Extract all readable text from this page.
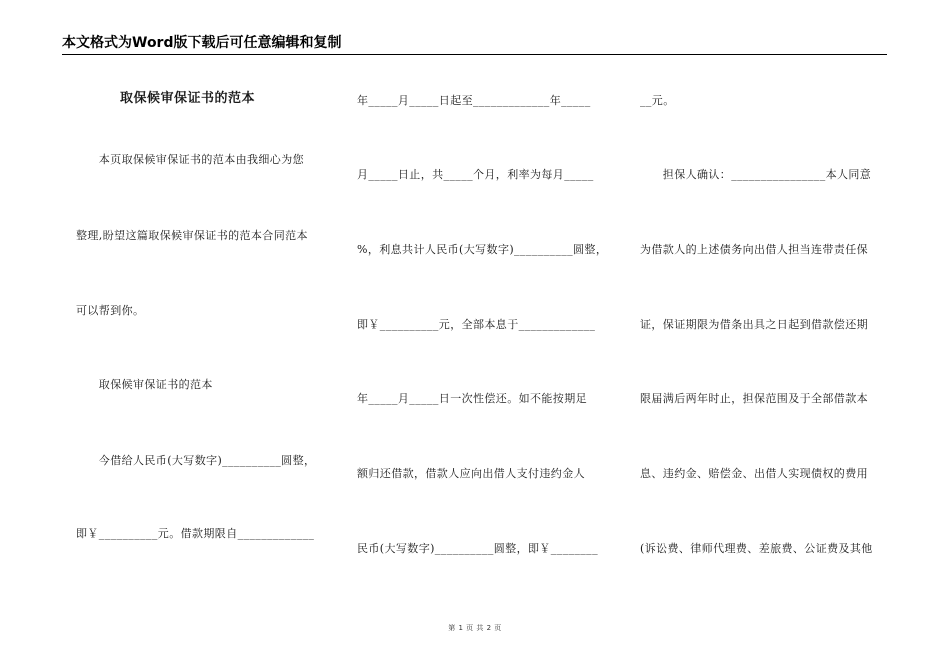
本文格式为Word版下载后可任意编辑和复制
取保候审保证书的范本
　　本页取保候审保证书的范本由我细心为您
整理,盼望这篇取保候审保证书的范本合同范本
可以帮到你。
　　取保候审保证书的范本
　　今借给人民币(大写数字)__________圆整，
即￥__________元。借款期限自_____________
年_____月_____日起至_____________年_____
月_____日止，共_____个月，利率为每月_____
%，利息共计人民币(大写数字)__________圆整，
即￥__________元，全部本息于_____________
年_____月_____日一次性偿还。如不能按期足
额归还借款，借款人应向出借人支付违约金人
民币(大写数字)__________圆整，即￥________
__元。
　　担保人确认：________________本人同意
为借款人的上述债务向出借人担当连带责任保
证，保证期限为借条出具之日起到借款偿还期
限届满后两年时止，担保范围及于全部借款本
息、违约金、赔偿金、出借人实现债权的费用
(诉讼费、律师代理费、差旅费、公证费及其他
第 1 页 共 2 页
